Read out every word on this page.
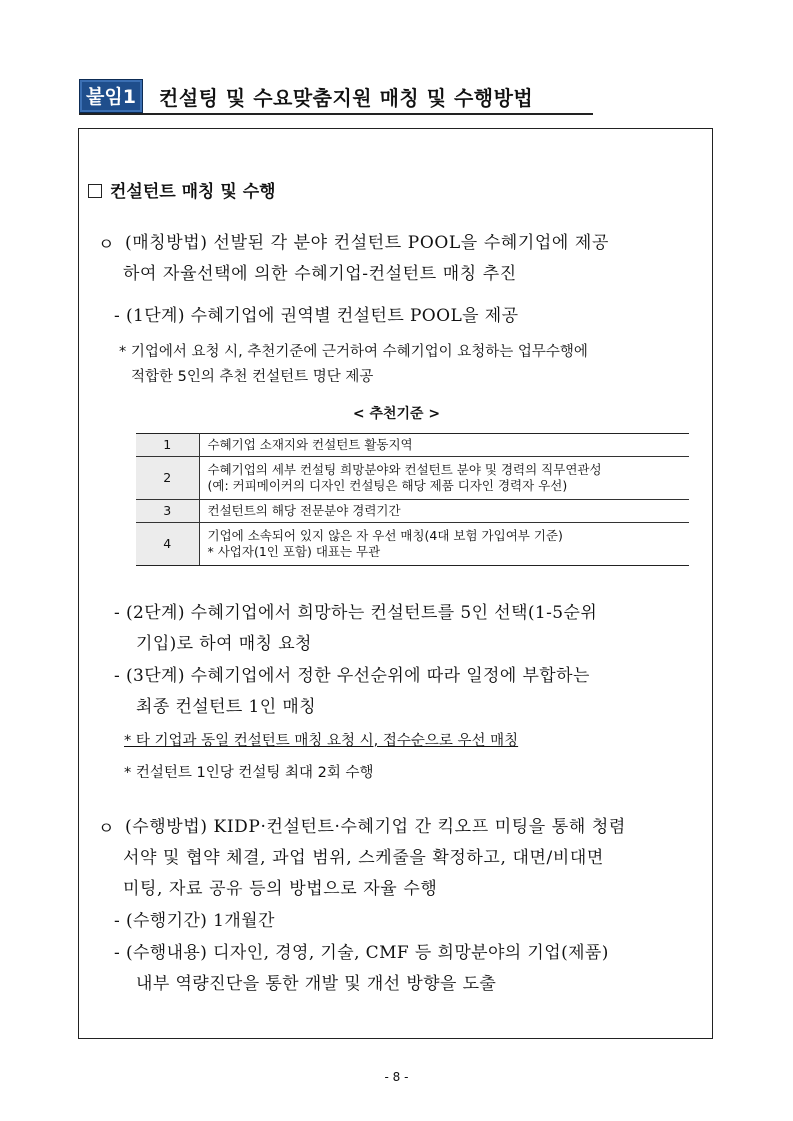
붙임1	컨설팅 및 수요맞춤지원 매칭 및 수행방법
컨설턴트 매칭 및 수행
ㅇ (매칭방법) 선발된 각 분야 컨설턴트 POOL을 수혜기업에 제공
하여 자율선택에 의한 수혜기업-컨설턴트 매칭 추진
- (1단계) 수혜기업에 권역별 컨설턴트 POOL을 제공
* 기업에서 요청 시, 추천기준에 근거하여 수혜기업이 요청하는 업무수행에
적합한 5인의 추천 컨설턴트 명단 제공
< 추천기준 >
1	수혜기업 소재지와 컨설턴트 활동지역

2	수혜기업의 세부 컨설팅 희망분야와 컨설턴트 분야 및 경력의 직무연관성
(예: 커피메이커의 디자인 컨설팅은 해당 제품 디자인 경력자 우선)

3	컨설턴트의 해당 전문분야 경력기간

4	기업에 소속되어 있지 않은 자 우선 매칭(4대 보험 가입여부 기준)
* 사업자(1인 포함) 대표는 무관
- (2단계) 수혜기업에서 희망하는 컨설턴트를 5인 선택(1-5순위
기입)로 하여 매칭 요청
- (3단계) 수혜기업에서 정한 우선순위에 따라 일정에 부합하는
최종 컨설턴트 1인 매칭
* 타 기업과 동일 컨설턴트 매칭 요청 시, 접수순으로 우선 매칭
* 컨설턴트 1인당 컨설팅 최대 2회 수행
ㅇ (수행방법) KIDP·컨설턴트·수혜기업 간 킥오프 미팅을 통해 청렴
서약 및 협약 체결, 과업 범위, 스케줄을 확정하고, 대면/비대면
미팅, 자료 공유 등의 방법으로 자율 수행
- (수행기간) 1개월간
- (수행내용) 디자인, 경영, 기술, CMF 등 희망분야의 기업(제품)
내부 역량진단을 통한 개발 및 개선 방향을 도출
- 8 -
